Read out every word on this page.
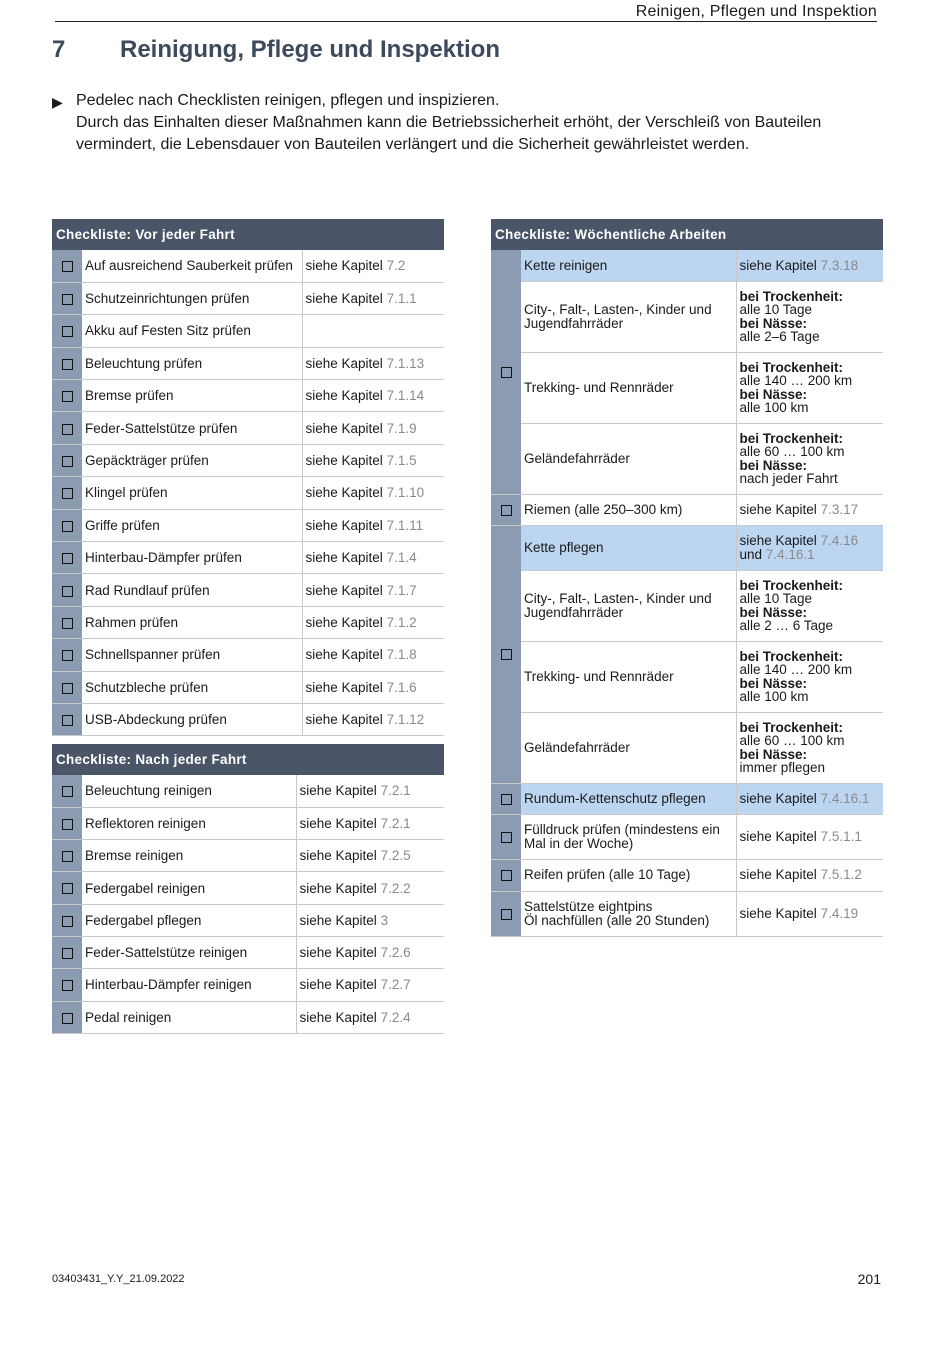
Reinigen, Pflegen und Inspektion
7 Reinigung, Pflege und Inspektion
▶ Pedelec nach Checklisten reinigen, pflegen und inspizieren.
Durch das Einhalten dieser Maßnahmen kann die Betriebssicherheit erhöht, der Verschleiß von Bauteilen vermindert, die Lebensdauer von Bauteilen verlängert und die Sicherheit gewährleistet werden.
Checkliste: Vor jeder Fahrt		
	Auf ausreichend Sauberkeit prüfen	siehe Kapitel 7.2
	Schutzeinrichtungen prüfen	siehe Kapitel 7.1.1
	Akku auf Festen Sitz prüfen	
	Beleuchtung prüfen	siehe Kapitel 7.1.13
	Bremse prüfen	siehe Kapitel 7.1.14
	Feder-Sattelstütze prüfen	siehe Kapitel 7.1.9
	Gepäckträger prüfen	siehe Kapitel 7.1.5
	Klingel prüfen	siehe Kapitel 7.1.10
	Griffe prüfen	siehe Kapitel 7.1.11
	Hinterbau-Dämpfer prüfen	siehe Kapitel 7.1.4
	Rad Rundlauf prüfen	siehe Kapitel 7.1.7
	Rahmen prüfen	siehe Kapitel 7.1.2
	Schnellspanner prüfen	siehe Kapitel 7.1.8
	Schutzbleche prüfen	siehe Kapitel 7.1.6
	USB-Abdeckung prüfen	siehe Kapitel 7.1.12
Checkliste: Nach jeder Fahrt		
	Beleuchtung reinigen	siehe Kapitel 7.2.1
	Reflektoren reinigen	siehe Kapitel 7.2.1
	Bremse reinigen	siehe Kapitel 7.2.5
	Federgabel reinigen	siehe Kapitel 7.2.2
	Federgabel pflegen	siehe Kapitel 3
	Feder-Sattelstütze reinigen	siehe Kapitel 7.2.6
	Hinterbau-Dämpfer reinigen	siehe Kapitel 7.2.7
	Pedal reinigen	siehe Kapitel 7.2.4
Checkliste: Wöchentliche Arbeiten		
	Kette reinigen	siehe Kapitel 7.3.18
	City-, Falt-, Lasten-, Kinder und Jugendfahrräder	bei Trockenheit:
alle 10 Tage
bei Nässe:
alle 2–6 Tage
	Trekking- und Rennräder	bei Trockenheit:
alle 140 … 200 km
bei Nässe:
alle 100 km
	Geländefahrräder	bei Trockenheit:
alle 60 … 100 km
bei Nässe:
nach jeder Fahrt
	Riemen (alle 250–300 km)	siehe Kapitel 7.3.17
	Kette pflegen	siehe Kapitel 7.4.16
und 7.4.16.1
	City-, Falt-, Lasten-, Kinder und Jugendfahrräder	bei Trockenheit:
alle 10 Tage
bei Nässe:
alle 2 … 6 Tage
	Trekking- und Rennräder	bei Trockenheit:
alle 140 … 200 km
bei Nässe:
alle 100 km
	Geländefahrräder	bei Trockenheit:
alle 60 … 100 km
bei Nässe:
immer pflegen
	Rundum-Kettenschutz pflegen	siehe Kapitel 7.4.16.1
	Fülldruck prüfen (mindestens ein Mal in der Woche)	siehe Kapitel 7.5.1.1
	Reifen prüfen (alle 10 Tage)	siehe Kapitel 7.5.1.2
	Sattelstütze eightpins
Öl nachfüllen (alle 20 Stunden)	siehe Kapitel 7.4.19
03403431_Y.Y_21.09.2022	201
